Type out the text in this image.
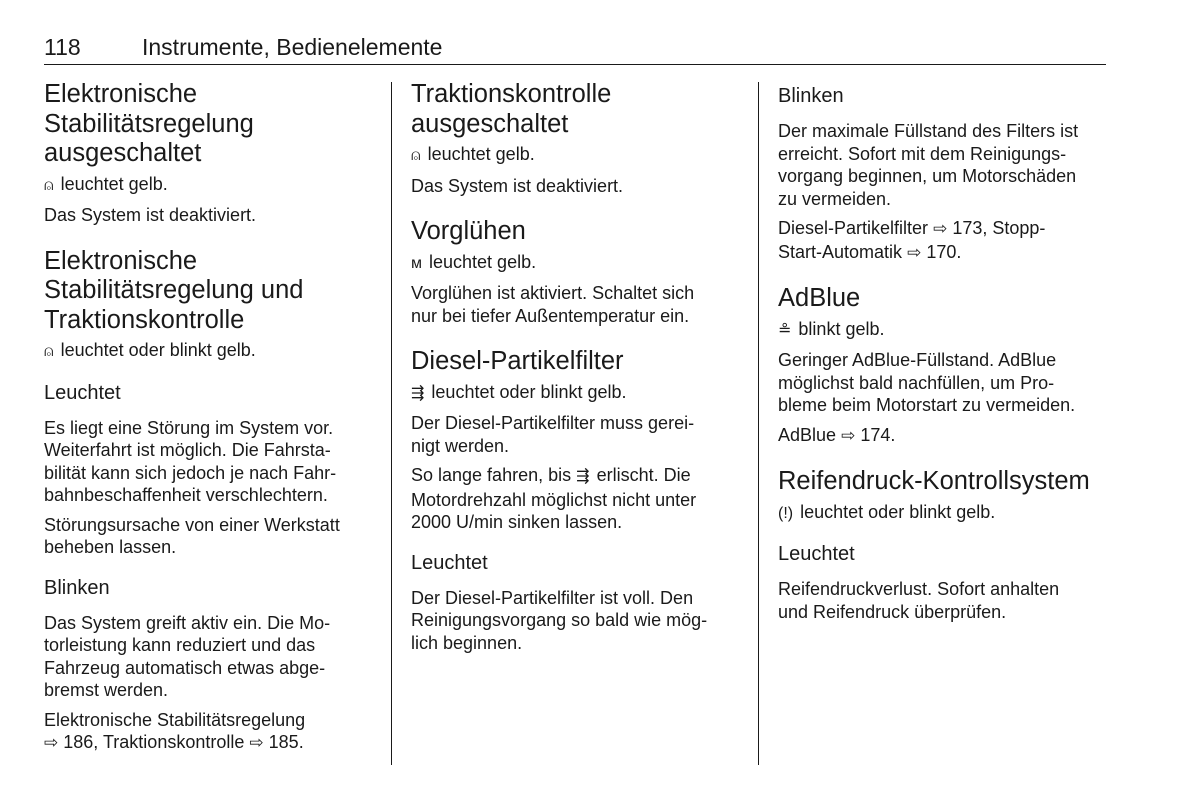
118	Instrumente, Bedienelemente
Elektronische
Stabilitätsregelung
ausgeschaltet

⍝ leuchtet gelb.

Das System ist deaktiviert.

Elektronische
Stabilitätsregelung und
Traktionskontrolle

⍝ leuchtet oder blinkt gelb.

Leuchtet

Es liegt eine Störung im System vor.
Weiterfahrt ist möglich. Die Fahrsta-
bilität kann sich jedoch je nach Fahr-
bahnbeschaffenheit verschlechtern.

Störungsursache von einer Werkstatt
beheben lassen.

Blinken

Das System greift aktiv ein. Die Mo-
torleistung kann reduziert und das
Fahrzeug automatisch etwas abge-
bremst werden.

Elektronische Stabilitätsregelung
⇨ 186, Traktionskontrolle ⇨ 185.

Traktionskontrolle
ausgeschaltet

⍝ leuchtet gelb.

Das System ist deaktiviert.

Vorglühen

ᴍ leuchtet gelb.

Vorglühen ist aktiviert. Schaltet sich
nur bei tiefer Außentemperatur ein.

Diesel-Partikelfilter

⇶ leuchtet oder blinkt gelb.

Der Diesel-Partikelfilter muss gerei-
nigt werden.

So lange fahren, bis ⇶ erlischt. Die
Motordrehzahl möglichst nicht unter
2000 U/min sinken lassen.

Leuchtet

Der Diesel-Partikelfilter ist voll. Den
Reinigungsvorgang so bald wie mög-
lich beginnen.

Blinken

Der maximale Füllstand des Filters ist
erreicht. Sofort mit dem Reinigungs-
vorgang beginnen, um Motorschäden
zu vermeiden.

Diesel-Partikelfilter ⇨ 173, Stopp-
Start-Automatik ⇨ 170.

AdBlue

≗ blinkt gelb.

Geringer AdBlue-Füllstand. AdBlue
möglichst bald nachfüllen, um Pro-
bleme beim Motorstart zu vermeiden.

AdBlue ⇨ 174.

Reifendruck-Kontrollsystem

(!) leuchtet oder blinkt gelb.

Leuchtet

Reifendruckverlust. Sofort anhalten
und Reifendruck überprüfen.
